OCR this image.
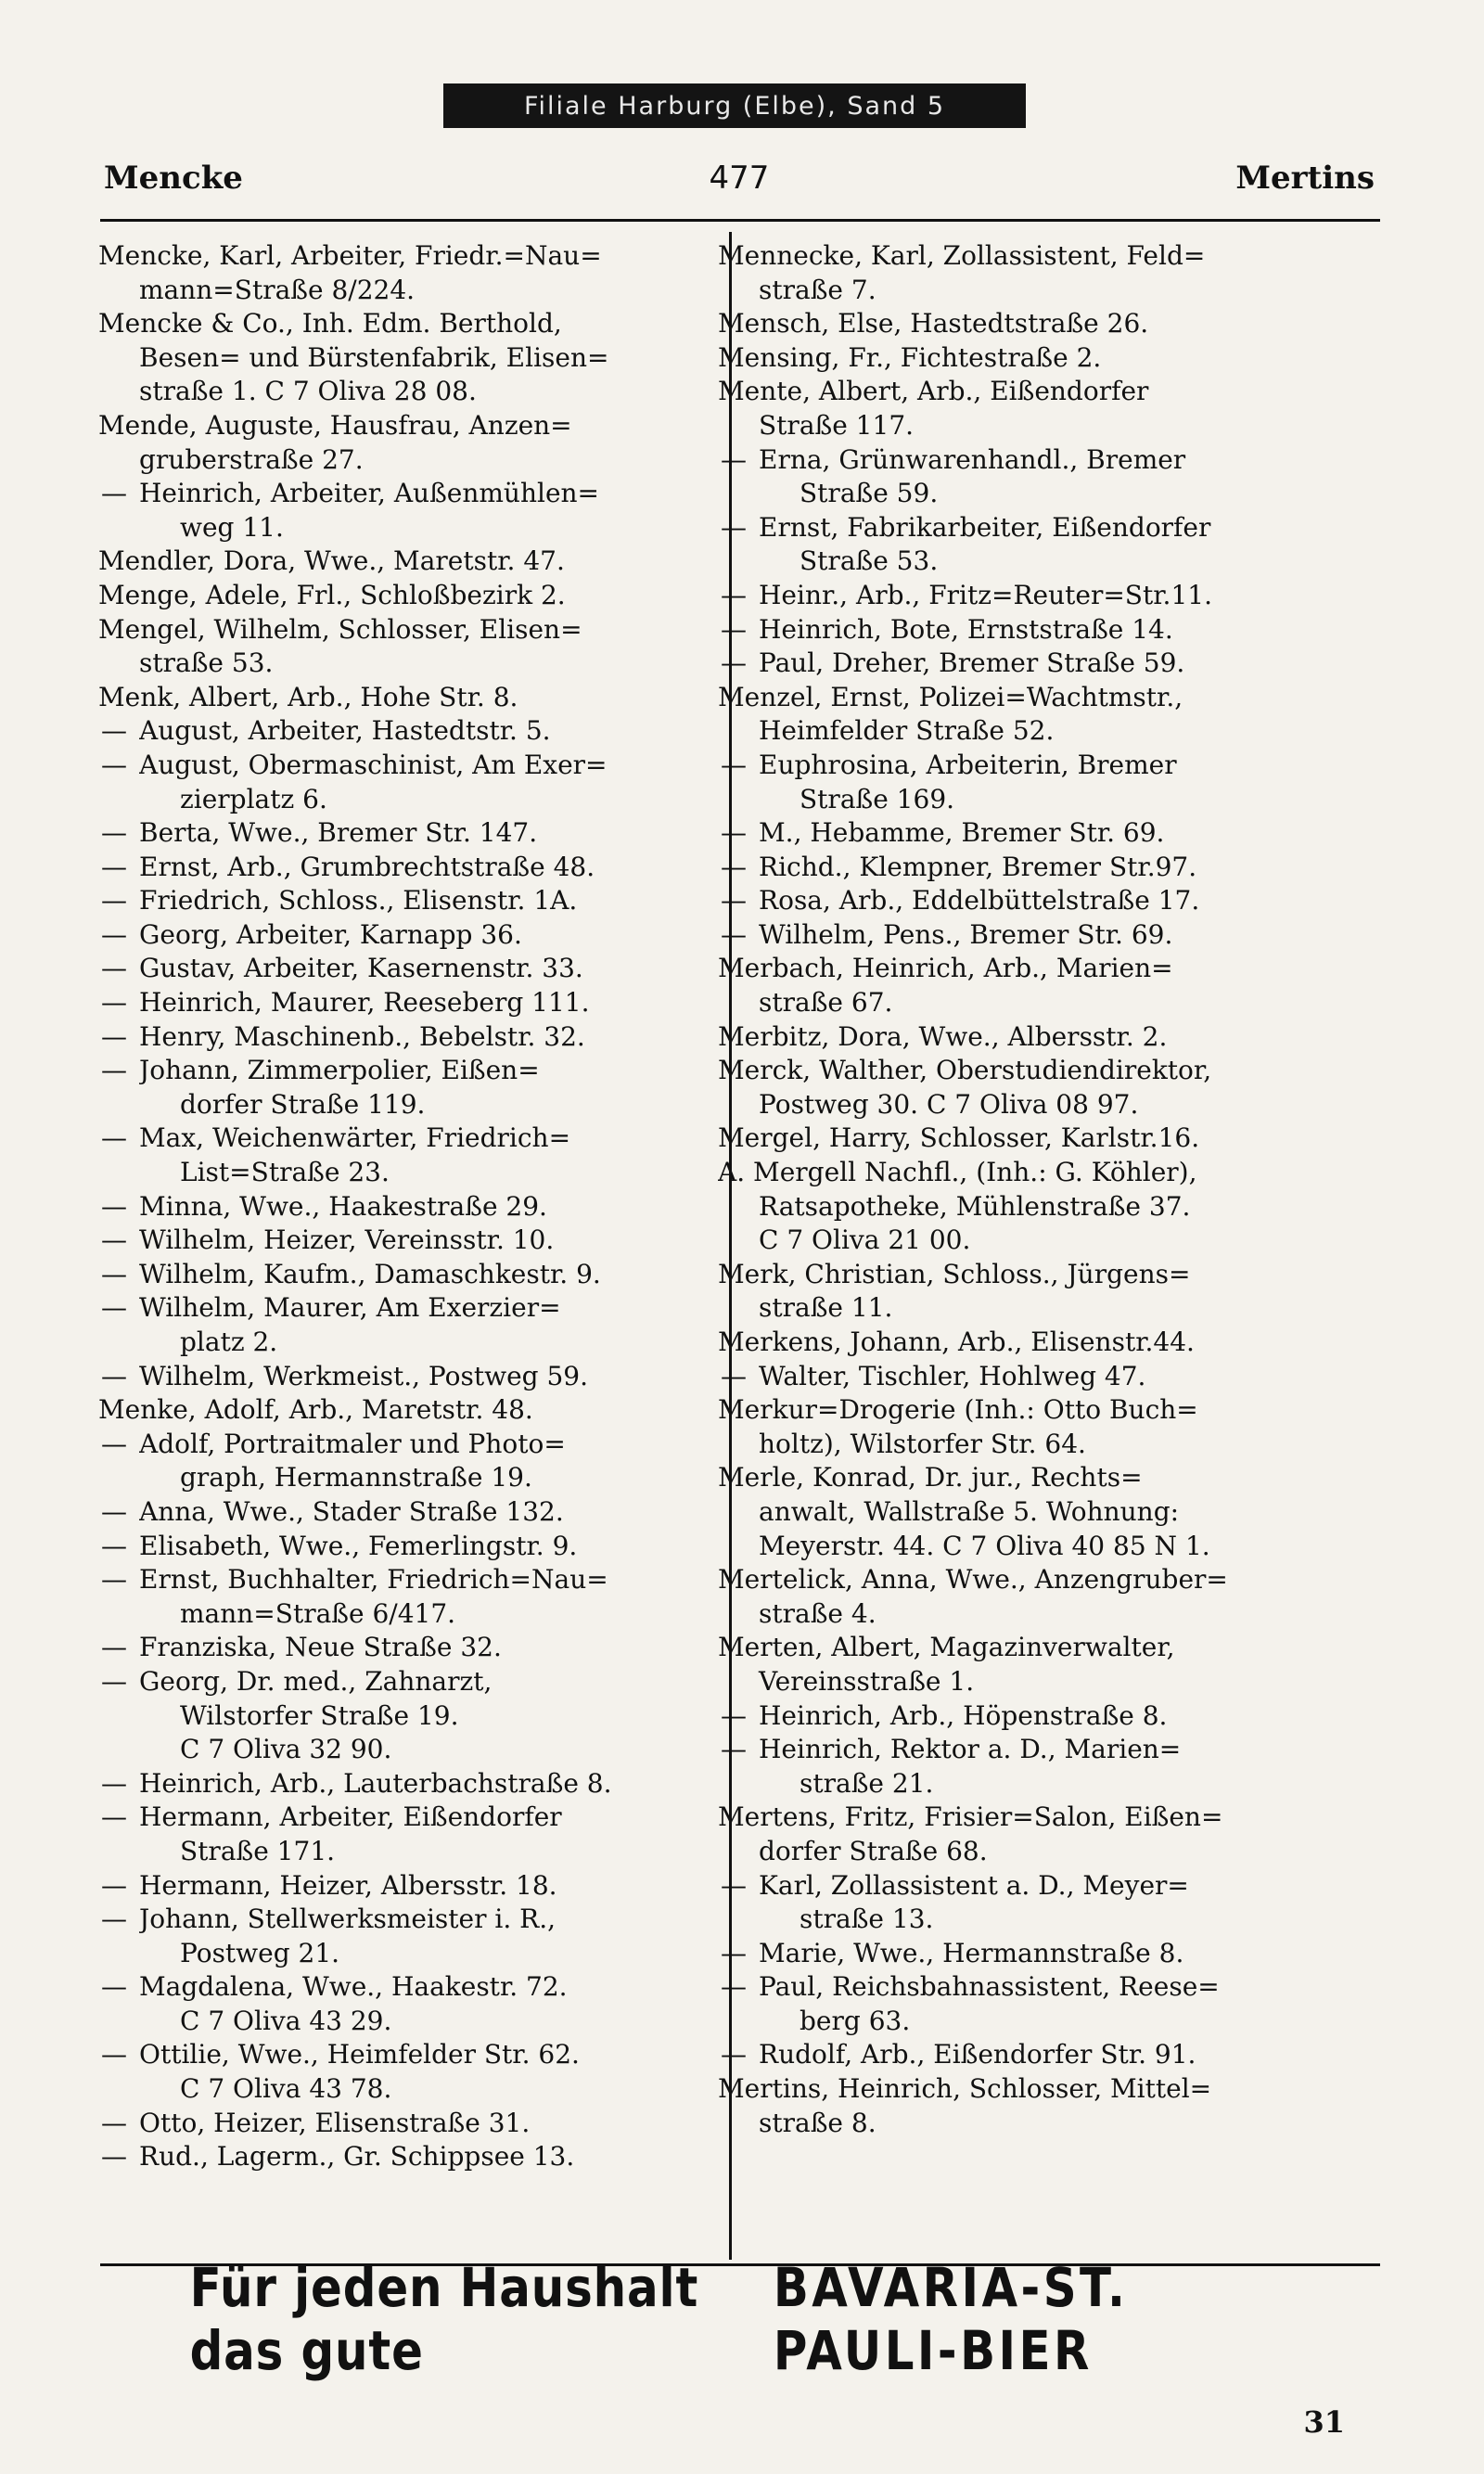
Filiale Harburg (Elbe), Sand 5
Mencke	477	Mertins
Mencke, Karl, Arbeiter, Friedr.=Nau=
mann=Straße 8/224.
Mencke & Co., Inh. Edm. Berthold,
Besen= und Bürstenfabrik, Elisen=
straße 1. C 7 Oliva 28 08.
Mende, Auguste, Hausfrau, Anzen=
gruberstraße 27.
— Heinrich, Arbeiter, Außenmühlen=
weg 11.
Mendler, Dora, Wwe., Maretstr. 47.
Menge, Adele, Frl., Schloßbezirk 2.
Mengel, Wilhelm, Schlosser, Elisen=
straße 53.
Menk, Albert, Arb., Hohe Str. 8.
— August, Arbeiter, Hastedtstr. 5.
— August, Obermaschinist, Am Exer=
zierplatz 6.
— Berta, Wwe., Bremer Str. 147.
— Ernst, Arb., Grumbrechtstraße 48.
— Friedrich, Schloss., Elisenstr. 1A.
— Georg, Arbeiter, Karnapp 36.
— Gustav, Arbeiter, Kasernenstr. 33.
— Heinrich, Maurer, Reeseberg 111.
— Henry, Maschinenb., Bebelstr. 32.
— Johann, Zimmerpolier, Eißen=
dorfer Straße 119.
— Max, Weichenwärter, Friedrich=
List=Straße 23.
— Minna, Wwe., Haakestraße 29.
— Wilhelm, Heizer, Vereinsstr. 10.
— Wilhelm, Kaufm., Damaschkestr. 9.
— Wilhelm, Maurer, Am Exerzier=
platz 2.
— Wilhelm, Werkmeist., Postweg 59.
Menke, Adolf, Arb., Maretstr. 48.
— Adolf, Portraitmaler und Photo=
graph, Hermannstraße 19.
— Anna, Wwe., Stader Straße 132.
— Elisabeth, Wwe., Femerlingstr. 9.
— Ernst, Buchhalter, Friedrich=Nau=
mann=Straße 6/417.
— Franziska, Neue Straße 32.
— Georg, Dr. med., Zahnarzt,
Wilstorfer Straße 19.
C 7 Oliva 32 90.
— Heinrich, Arb., Lauterbachstraße 8.
— Hermann, Arbeiter, Eißendorfer
Straße 171.
— Hermann, Heizer, Albersstr. 18.
— Johann, Stellwerksmeister i. R.,
Postweg 21.
— Magdalena, Wwe., Haakestr. 72.
C 7 Oliva 43 29.
— Ottilie, Wwe., Heimfelder Str. 62.
C 7 Oliva 43 78.
— Otto, Heizer, Elisenstraße 31.
— Rud., Lagerm., Gr. Schippsee 13.
Mennecke, Karl, Zollassistent, Feld=
straße 7.
Mensch, Else, Hastedtstraße 26.
Mensing, Fr., Fichtestraße 2.
Mente, Albert, Arb., Eißendorfer
Straße 117.
— Erna, Grünwarenhandl., Bremer
Straße 59.
— Ernst, Fabrikarbeiter, Eißendorfer
Straße 53.
— Heinr., Arb., Fritz=Reuter=Str.11.
— Heinrich, Bote, Ernststraße 14.
— Paul, Dreher, Bremer Straße 59.
Menzel, Ernst, Polizei=Wachtmstr.,
Heimfelder Straße 52.
— Euphrosina, Arbeiterin, Bremer
Straße 169.
— M., Hebamme, Bremer Str. 69.
— Richd., Klempner, Bremer Str.97.
— Rosa, Arb., Eddelbüttelstraße 17.
— Wilhelm, Pens., Bremer Str. 69.
Merbach, Heinrich, Arb., Marien=
straße 67.
Merbitz, Dora, Wwe., Albersstr. 2.
Merck, Walther, Oberstudiendirektor,
Postweg 30. C 7 Oliva 08 97.
Mergel, Harry, Schlosser, Karlstr.16.
A. Mergell Nachfl., (Inh.: G. Köhler),
Ratsapotheke, Mühlenstraße 37.
C 7 Oliva 21 00.
Merk, Christian, Schloss., Jürgens=
straße 11.
Merkens, Johann, Arb., Elisenstr.44.
— Walter, Tischler, Hohlweg 47.
Merkur=Drogerie (Inh.: Otto Buch=
holtz), Wilstorfer Str. 64.
Merle, Konrad, Dr. jur., Rechts=
anwalt, Wallstraße 5. Wohnung:
Meyerstr. 44. C 7 Oliva 40 85 N 1.
Mertelick, Anna, Wwe., Anzengruber=
straße 4.
Merten, Albert, Magazinverwalter,
Vereinsstraße 1.
— Heinrich, Arb., Höpenstraße 8.
— Heinrich, Rektor a. D., Marien=
straße 21.
Mertens, Fritz, Frisier=Salon, Eißen=
dorfer Straße 68.
— Karl, Zollassistent a. D., Meyer=
straße 13.
— Marie, Wwe., Hermannstraße 8.
— Paul, Reichsbahnassistent, Reese=
berg 63.
— Rudolf, Arb., Eißendorfer Str. 91.
Mertins, Heinrich, Schlosser, Mittel=
straße 8.
Für jeden Haushalt das gute

BAVARIA-ST. PAULI-BIER
31
